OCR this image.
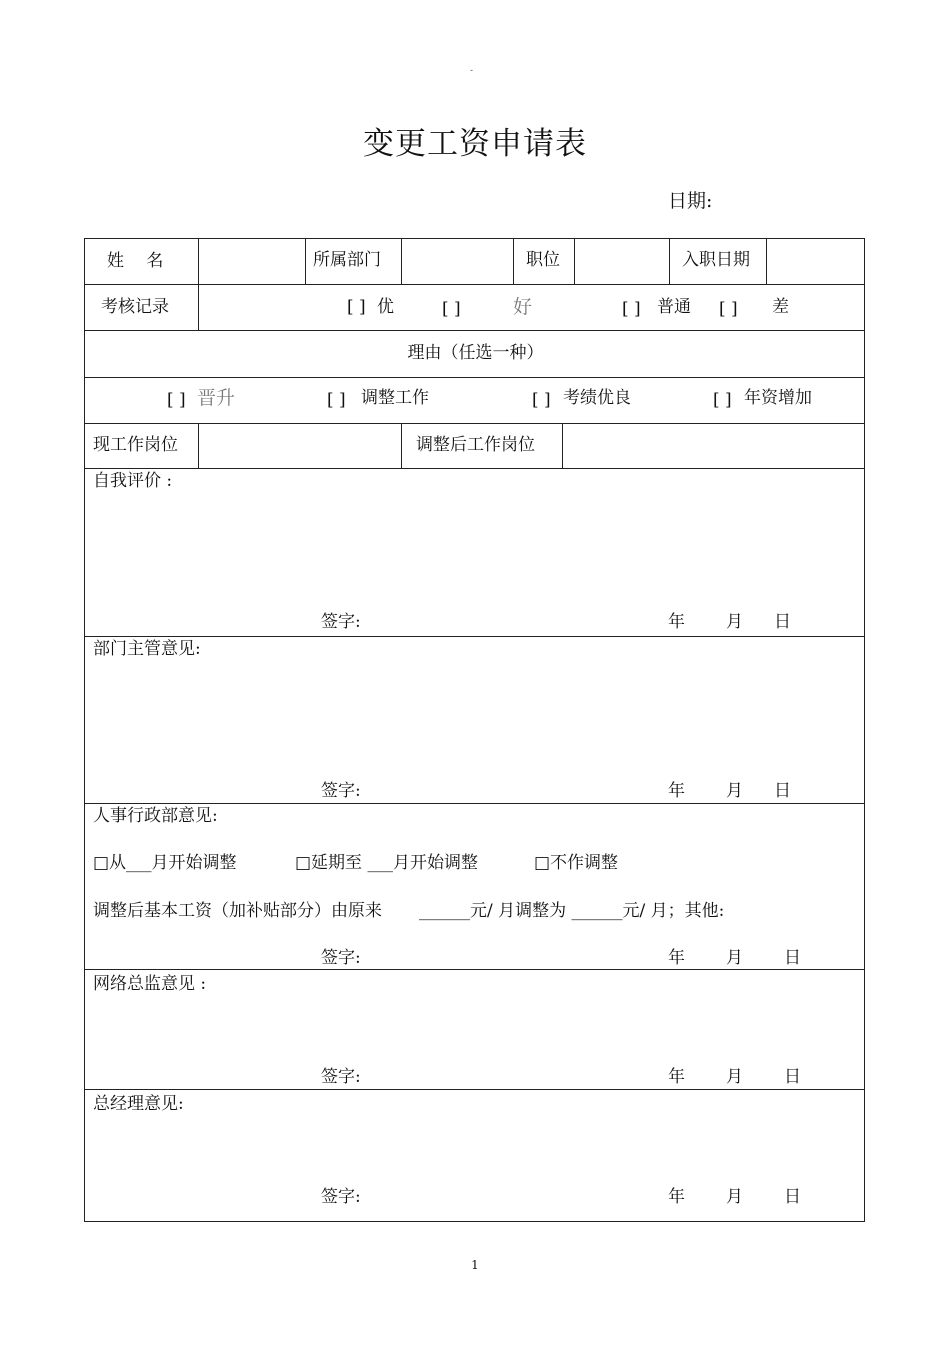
-
变更工资申请表
日期:
姓　 名	所属部门	职位	入职日期
考核记录	[ ] 优	[ ]	好	[ ] 普通 [ ] 差
理由（任选一种）
[ ] 晋升	[ ] 调整工作	[ ] 考绩优良	[ ] 年资增加
现工作岗位	调整后工作岗位
自我评价 :
签字:	年 月 日
部门主管意见:
签字:	年 月 日
人事行政部意见:
□从___月开始调整	□延期至 ___月开始调整	□不作调整
调整后基本工资（加补贴部分）由原来 ______元/ 月调整为 ______元/ 月；其他:
签字:	年 月 日
网络总监意见 :
签字:	年 月 日
总经理意见:
签字:	年 月 日
1
